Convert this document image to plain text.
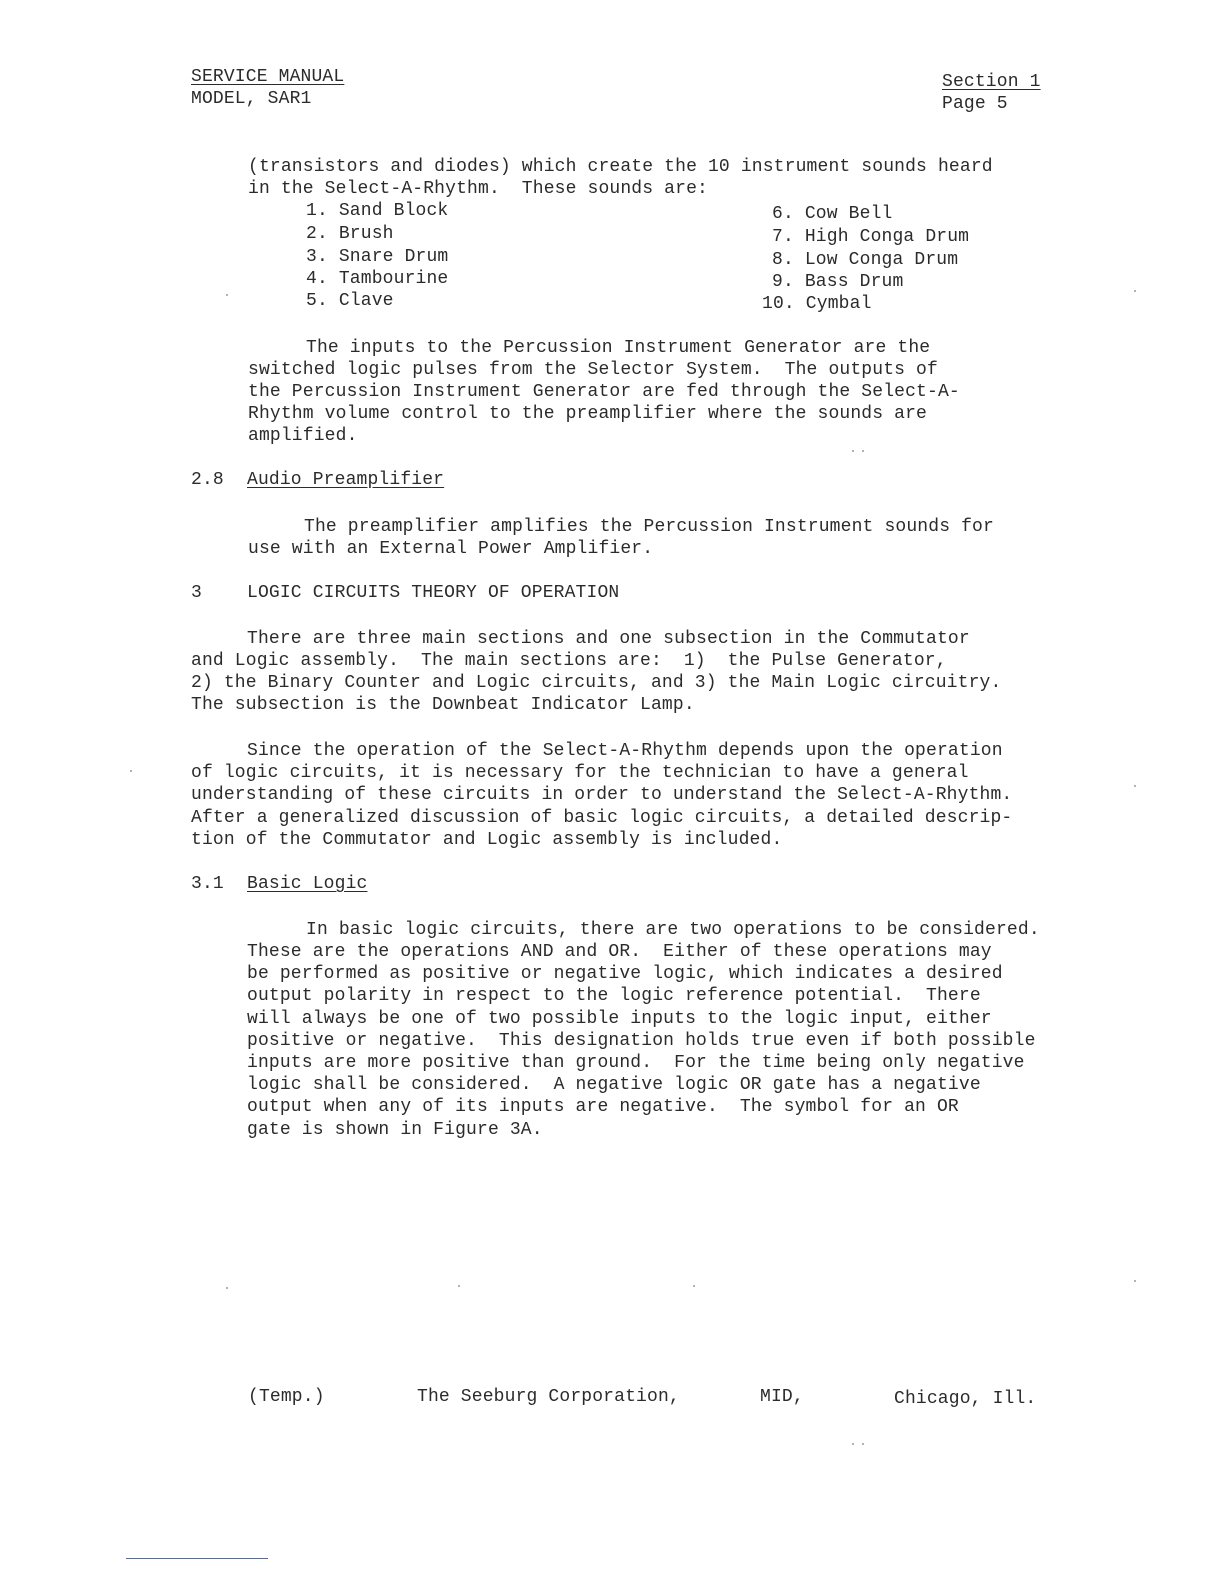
SERVICE MANUAL
MODEL, SAR1
Section 1
Page 5
(transistors and diodes) which create the 10 instrument sounds heard
in the Select-A-Rhythm.  These sounds are:
1. Sand Block
2. Brush
3. Snare Drum
4. Tambourine
5. Clave
6. Cow Bell
7. High Conga Drum
8. Low Conga Drum
9. Bass Drum
10. Cymbal
The inputs to the Percussion Instrument Generator are the
switched logic pulses from the Selector System.  The outputs of
the Percussion Instrument Generator are fed through the Select-A-
Rhythm volume control to the preamplifier where the sounds are
amplified.
2.8 Audio Preamplifier
The preamplifier amplifies the Percussion Instrument sounds for
use with an External Power Amplifier.
3	LOGIC CIRCUITS THEORY OF OPERATION
There are three main sections and one subsection in the Commutator
and Logic assembly.  The main sections are:  1)  the Pulse Generator,
2) the Binary Counter and Logic circuits, and 3) the Main Logic circuitry.
The subsection is the Downbeat Indicator Lamp.
Since the operation of the Select-A-Rhythm depends upon the operation
of logic circuits, it is necessary for the technician to have a general
understanding of these circuits in order to understand the Select-A-Rhythm.
After a generalized discussion of basic logic circuits, a detailed descrip-
tion of the Commutator and Logic assembly is included.
3.1 Basic Logic
In basic logic circuits, there are two operations to be considered.
These are the operations AND and OR.  Either of these operations may
be performed as positive or negative logic, which indicates a desired
output polarity in respect to the logic reference potential.  There
will always be one of two possible inputs to the logic input, either
positive or negative.  This designation holds true even if both possible
inputs are more positive than ground.  For the time being only negative
logic shall be considered.  A negative logic OR gate has a negative
output when any of its inputs are negative.  The symbol for an OR
gate is shown in Figure 3A.
(Temp.)	The Seeburg Corporation,	MID,	Chicago, Ill.
